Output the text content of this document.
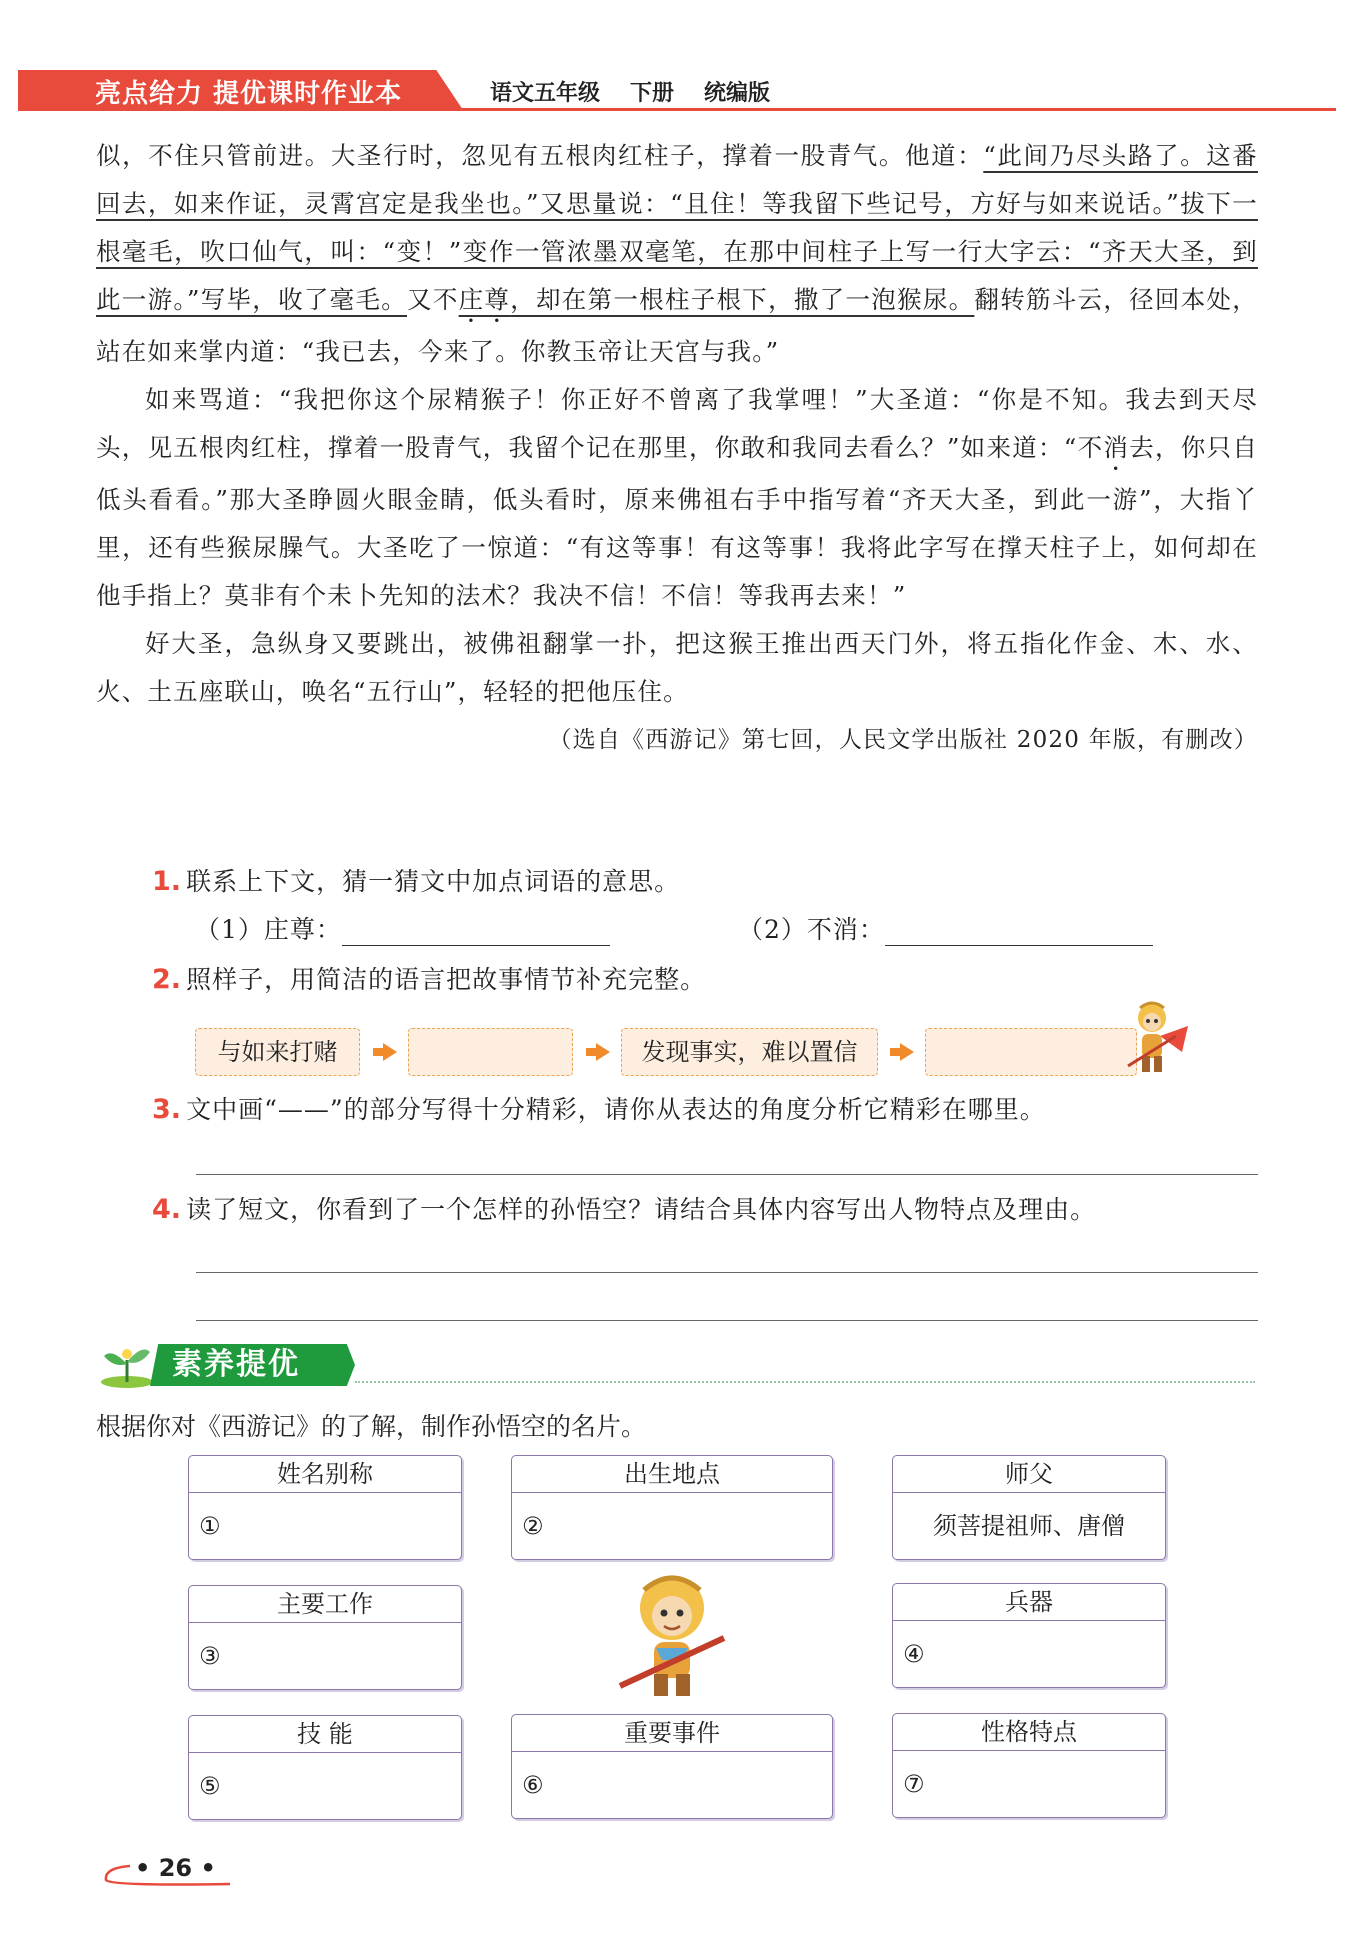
亮点给力 提优课时作业本	语文五年级 下册 统编版

似，不住只管前进。大圣行时，忽见有五根肉红柱子，撑着一股青气。他道：“此间乃尽头路了。这番回去，如来作证，灵霄宫定是我坐也。”又思量说：“且住！等我留下些记号，方好与如来说话。”拔下一根毫毛，吹口仙气，叫：“变！”变作一管浓墨双毫笔，在那中间柱子上写一行大字云：“齐天大圣，到此一游。”写毕，收了毫毛。又不庄尊，却在第一根柱子根下，撒了一泡猴尿。翻转筋斗云，径回本处，站在如来掌内道：“我已去，今来了。你教玉帝让天宫与我。”

如来骂道：“我把你这个尿精猴子！你正好不曾离了我掌哩！”大圣道：“你是不知。我去到天尽头，见五根肉红柱，撑着一股青气，我留个记在那里，你敢和我同去看么？”如来道：“不消去，你只自低头看看。”那大圣睁圆火眼金睛，低头看时，原来佛祖右手中指写着“齐天大圣，到此一游”，大指丫里，还有些猴尿臊气。大圣吃了一惊道：“有这等事！有这等事！我将此字写在撑天柱子上，如何却在他手指上？莫非有个未卜先知的法术？我决不信！不信！等我再去来！”

好大圣，急纵身又要跳出，被佛祖翻掌一扑，把这猴王推出西天门外，将五指化作金、木、水、火、土五座联山，唤名“五行山”，轻轻的把他压住。

（选自《西游记》第七回，人民文学出版社 2020 年版，有删改）

1. 联系上下文，猜一猜文中加点词语的意思。
（1）庄尊：	（2）不消：
2. 照样子，用简洁的语言把故事情节补充完整。
与如来打赌	发现事实，难以置信
3. 文中画“——”的部分写得十分精彩，请你从表达的角度分析它精彩在哪里。
4. 读了短文，你看到了一个怎样的孙悟空？请结合具体内容写出人物特点及理由。
素养提优
根据你对《西游记》的了解，制作孙悟空的名片。
姓名别称
①
出生地点
②
师父
须菩提祖师、唐僧
主要工作
③
兵器
④
技 能
⑤
重要事件
⑥
性格特点
⑦
• 26 •
